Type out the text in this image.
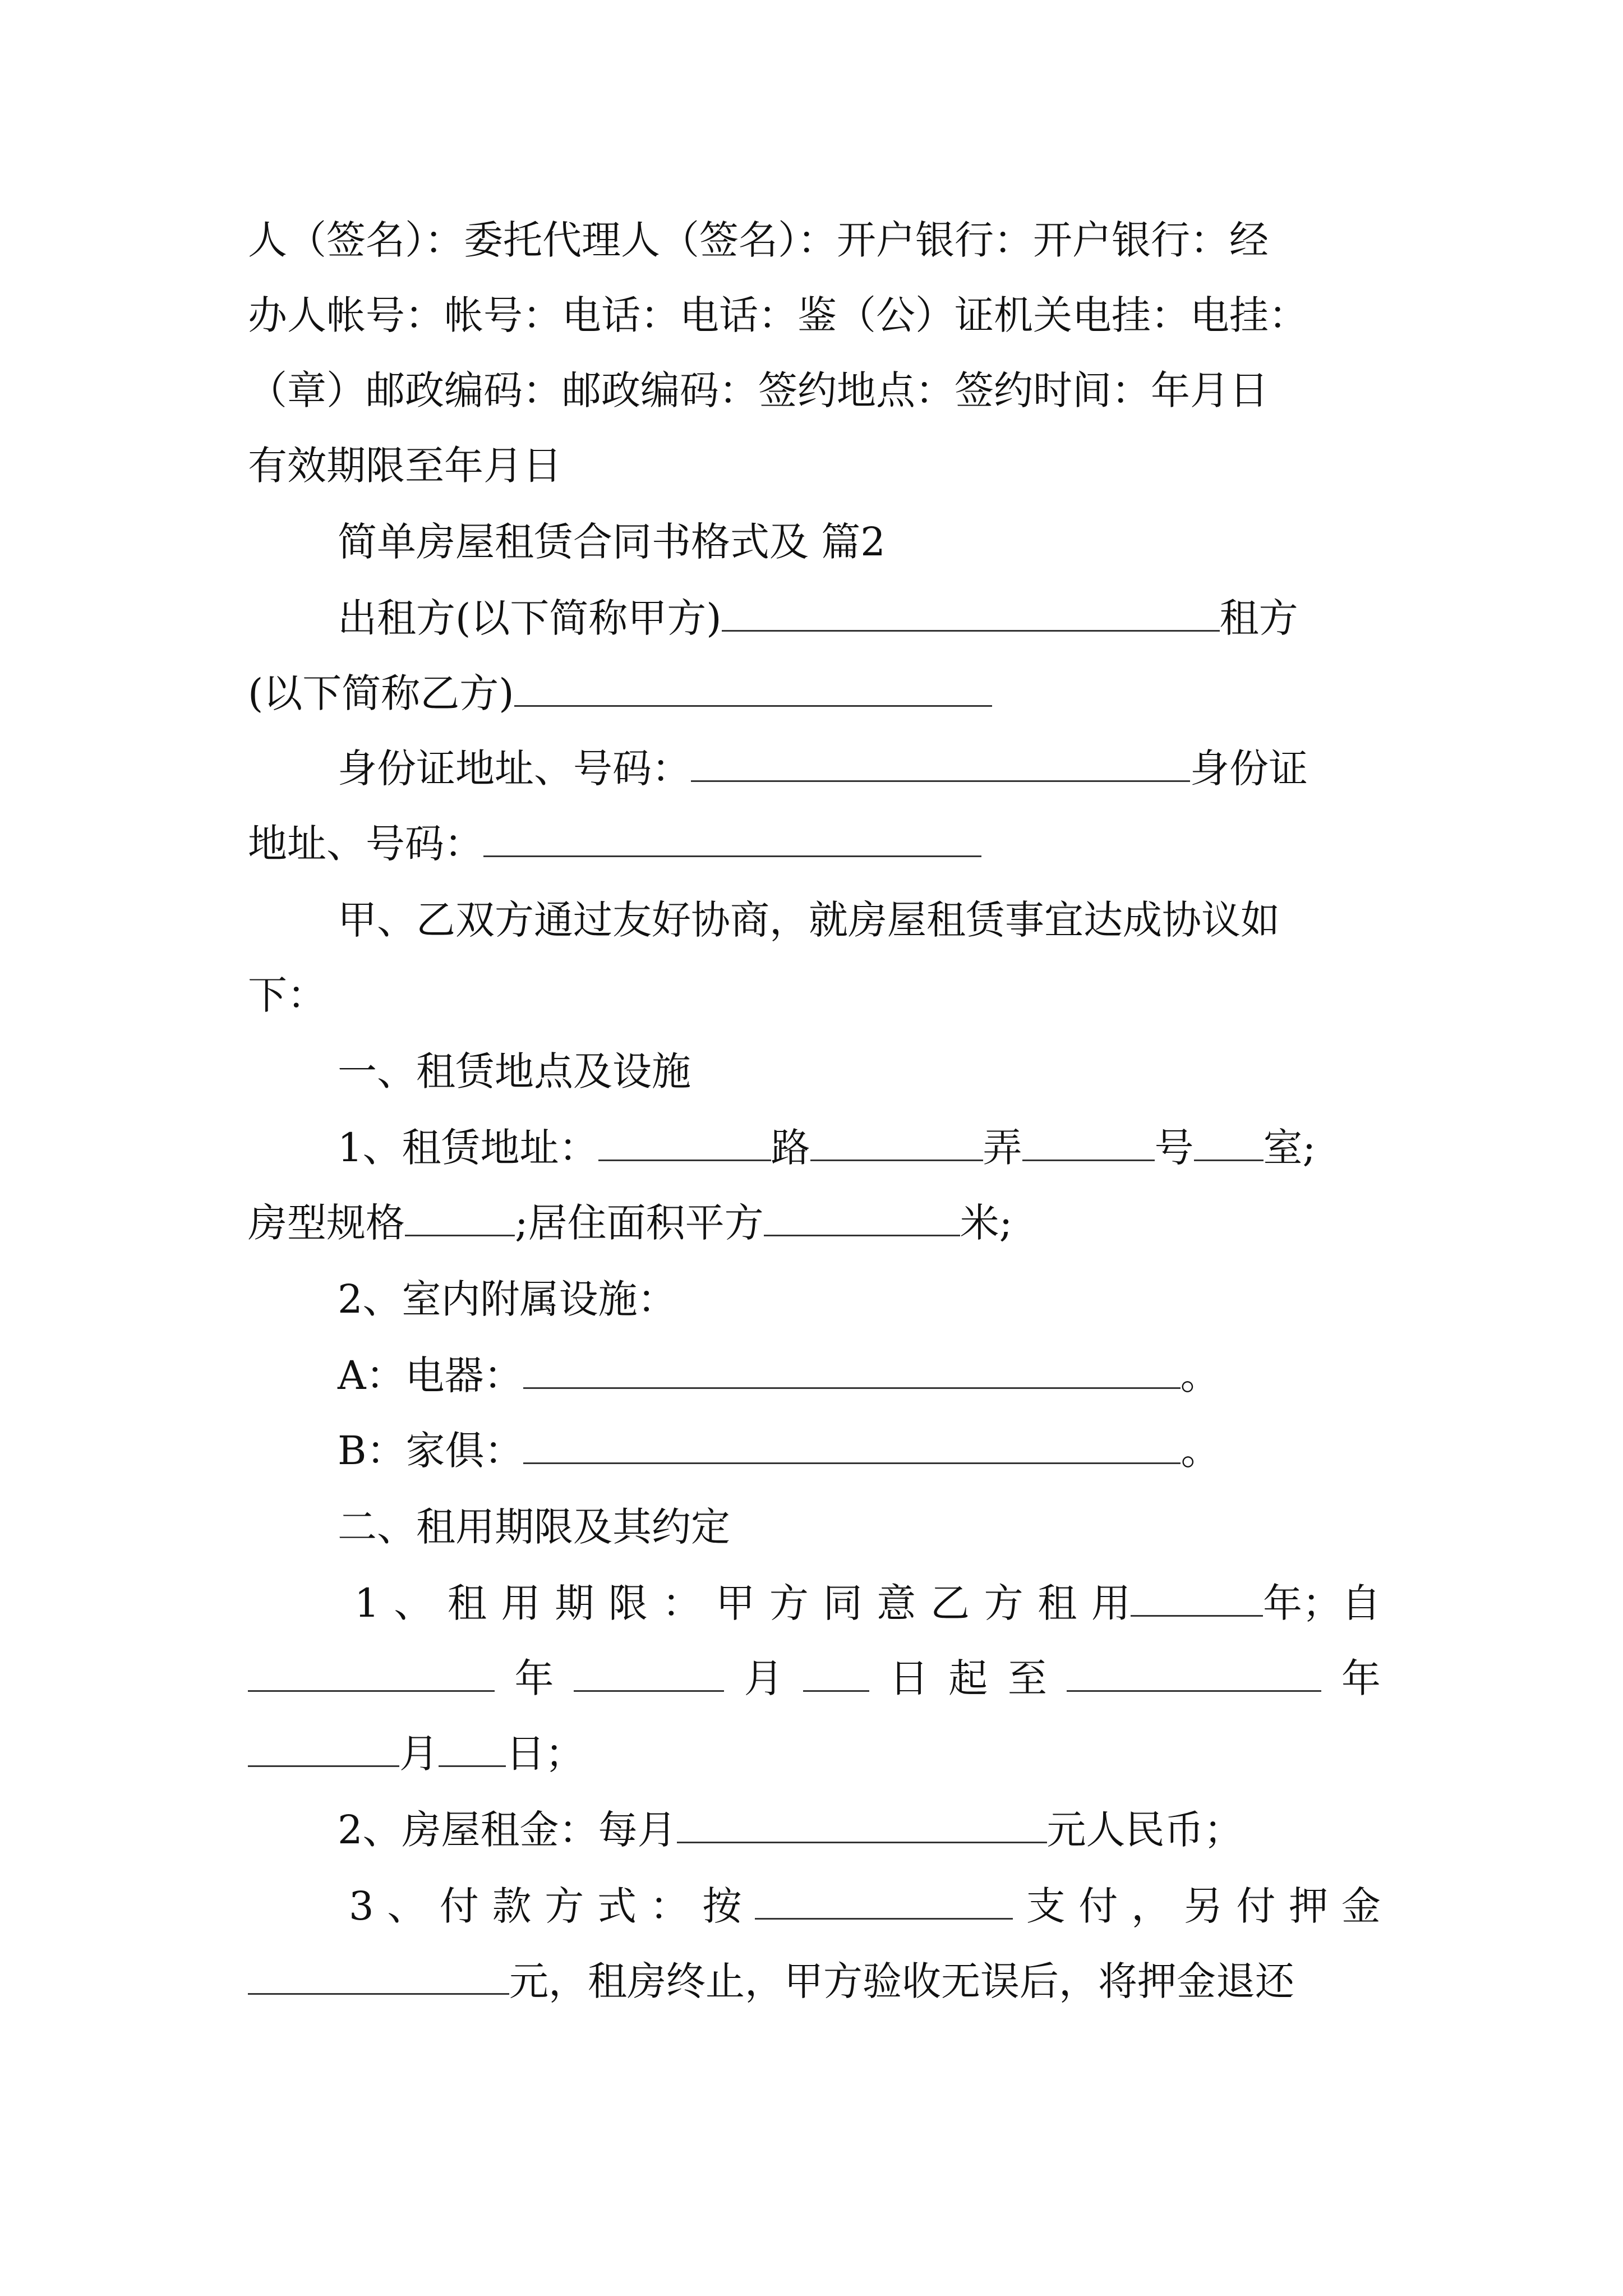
人（签名）：委托代理人（签名）：开户银行：开户银行：经
办人帐号：帐号：电话：电话：鉴（公）证机关电挂：电挂：
（章）邮政编码：邮政编码：签约地点：签约时间：年月日
有效期限至年月日
简单房屋租赁合同书格式及 篇2
出租方(以下简称甲方)	租方
(以下简称乙方)
身份证地址、号码：	身份证
地址、号码：
甲、乙双方通过友好协商，就房屋租赁事宜达成协议如
下：
一、租赁地点及设施
1、租赁地址：	路	弄	号 室;
房型规格	;居住面积平方	米;
2、室内附属设施：
A：电器：	。
B：家俱：	。
二、租用期限及其约定
1 、 租 用 期 限 ： 甲 方 同 意 乙 方 租 用	年；自
年	月	日 起 至	年
月 日；
2、房屋租金：每月	元人民币；
3 、 付 款 方 式 ： 按	支 付 ， 另 付 押 金
元，租房终止，甲方验收无误后，将押金退还
